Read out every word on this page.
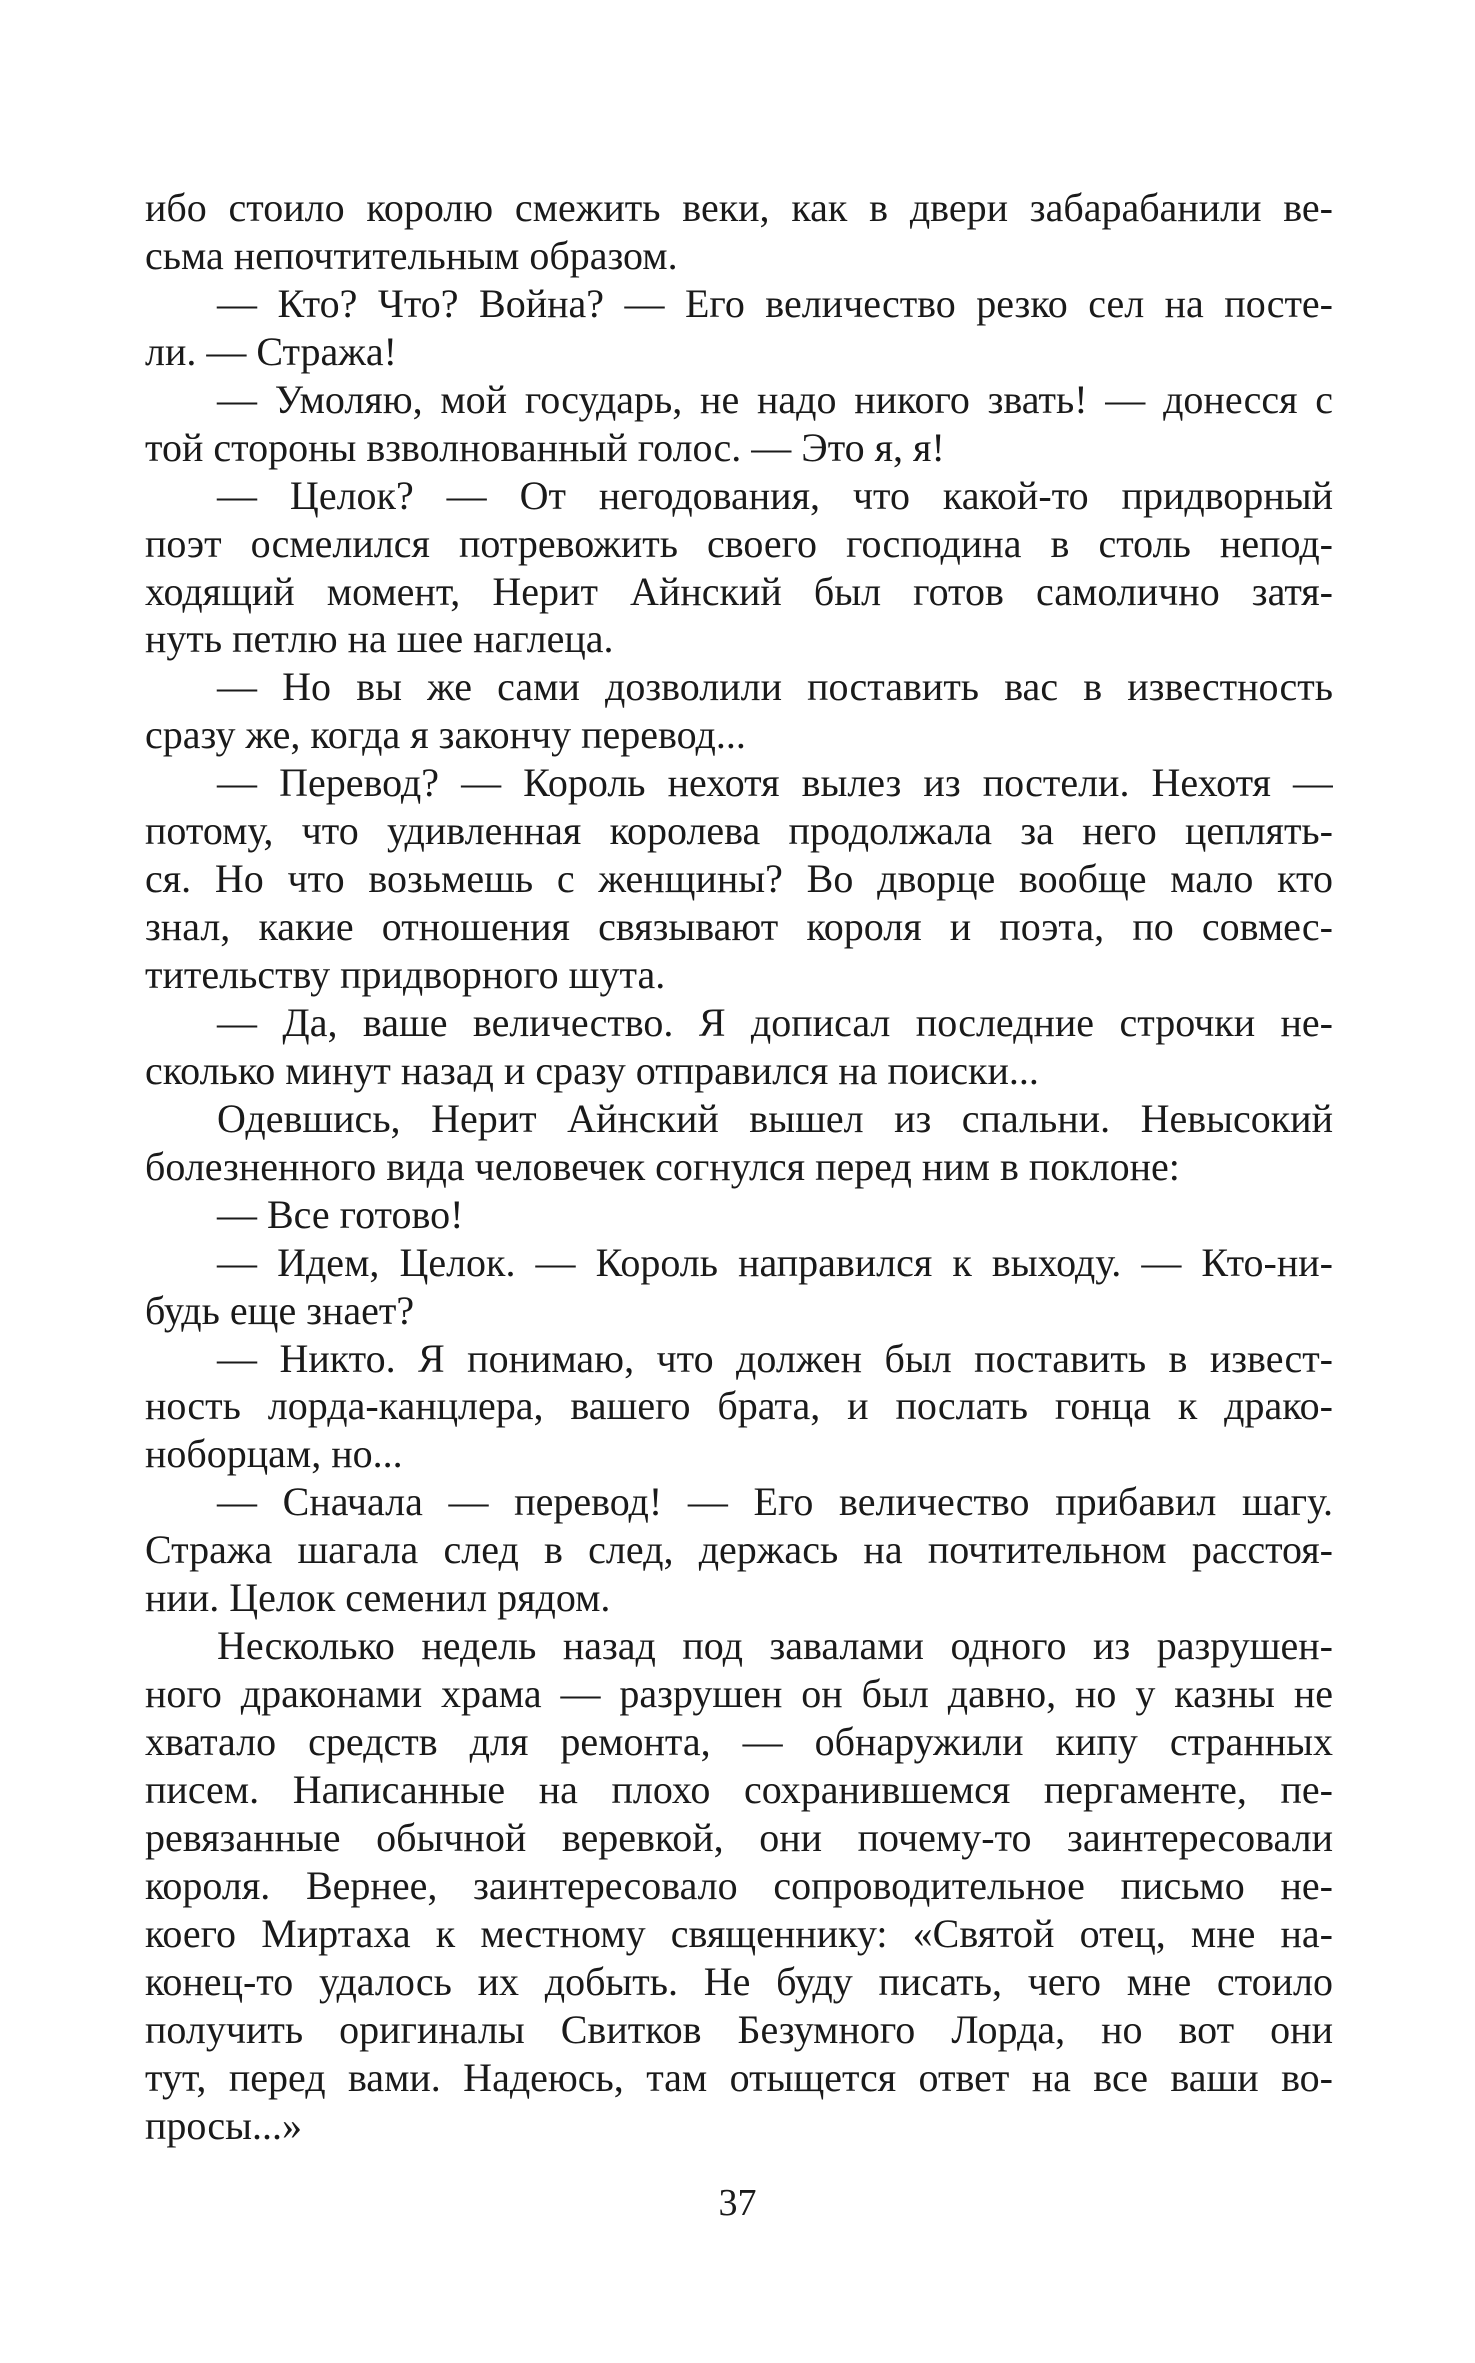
ибо стоило королю смежить веки, как в двери забарабанили ве-
сьма непочтительным образом.
— Кто? Что? Война? — Его величество резко сел на посте-
ли. — Стража!
— Умоляю, мой государь, не надо никого звать! — донесся с
той стороны взволнованный голос. — Это я, я!
— Целок? — От негодования, что какой-то придворный
поэт осмелился потревожить своего господина в столь непод-
ходящий момент, Нерит Айнский был готов самолично затя-
нуть петлю на шее наглеца.
— Но вы же сами дозволили поставить вас в известность
сразу же, когда я закончу перевод...
— Перевод? — Король нехотя вылез из постели. Нехотя —
потому, что удивленная королева продолжала за него цеплять-
ся. Но что возьмешь с женщины? Во дворце вообще мало кто
знал, какие отношения связывают короля и поэта, по совмес-
тительству придворного шута.
— Да, ваше величество. Я дописал последние строчки не-
сколько минут назад и сразу отправился на поиски...
Одевшись, Нерит Айнский вышел из спальни. Невысокий
болезненного вида человечек согнулся перед ним в поклоне:
— Все готово!
— Идем, Целок. — Король направился к выходу. — Кто-ни-
будь еще знает?
— Никто. Я понимаю, что должен был поставить в извест-
ность лорда-канцлера, вашего брата, и послать гонца к драко-
ноборцам, но...
— Сначала — перевод! — Его величество прибавил шагу.
Стража шагала след в след, держась на почтительном расстоя-
нии. Целок семенил рядом.
Несколько недель назад под завалами одного из разрушен-
ного драконами храма — разрушен он был давно, но у казны не
хватало средств для ремонта, — обнаружили кипу странных
писем. Написанные на плохо сохранившемся пергаменте, пе-
ревязанные обычной веревкой, они почему-то заинтересовали
короля. Вернее, заинтересовало сопроводительное письмо не-
коего Миртаха к местному священнику: «Святой отец, мне на-
конец-то удалось их добыть. Не буду писать, чего мне стоило
получить оригиналы Свитков Безумного Лорда, но вот они
тут, перед вами. Надеюсь, там отыщется ответ на все ваши во-
просы...»
37
